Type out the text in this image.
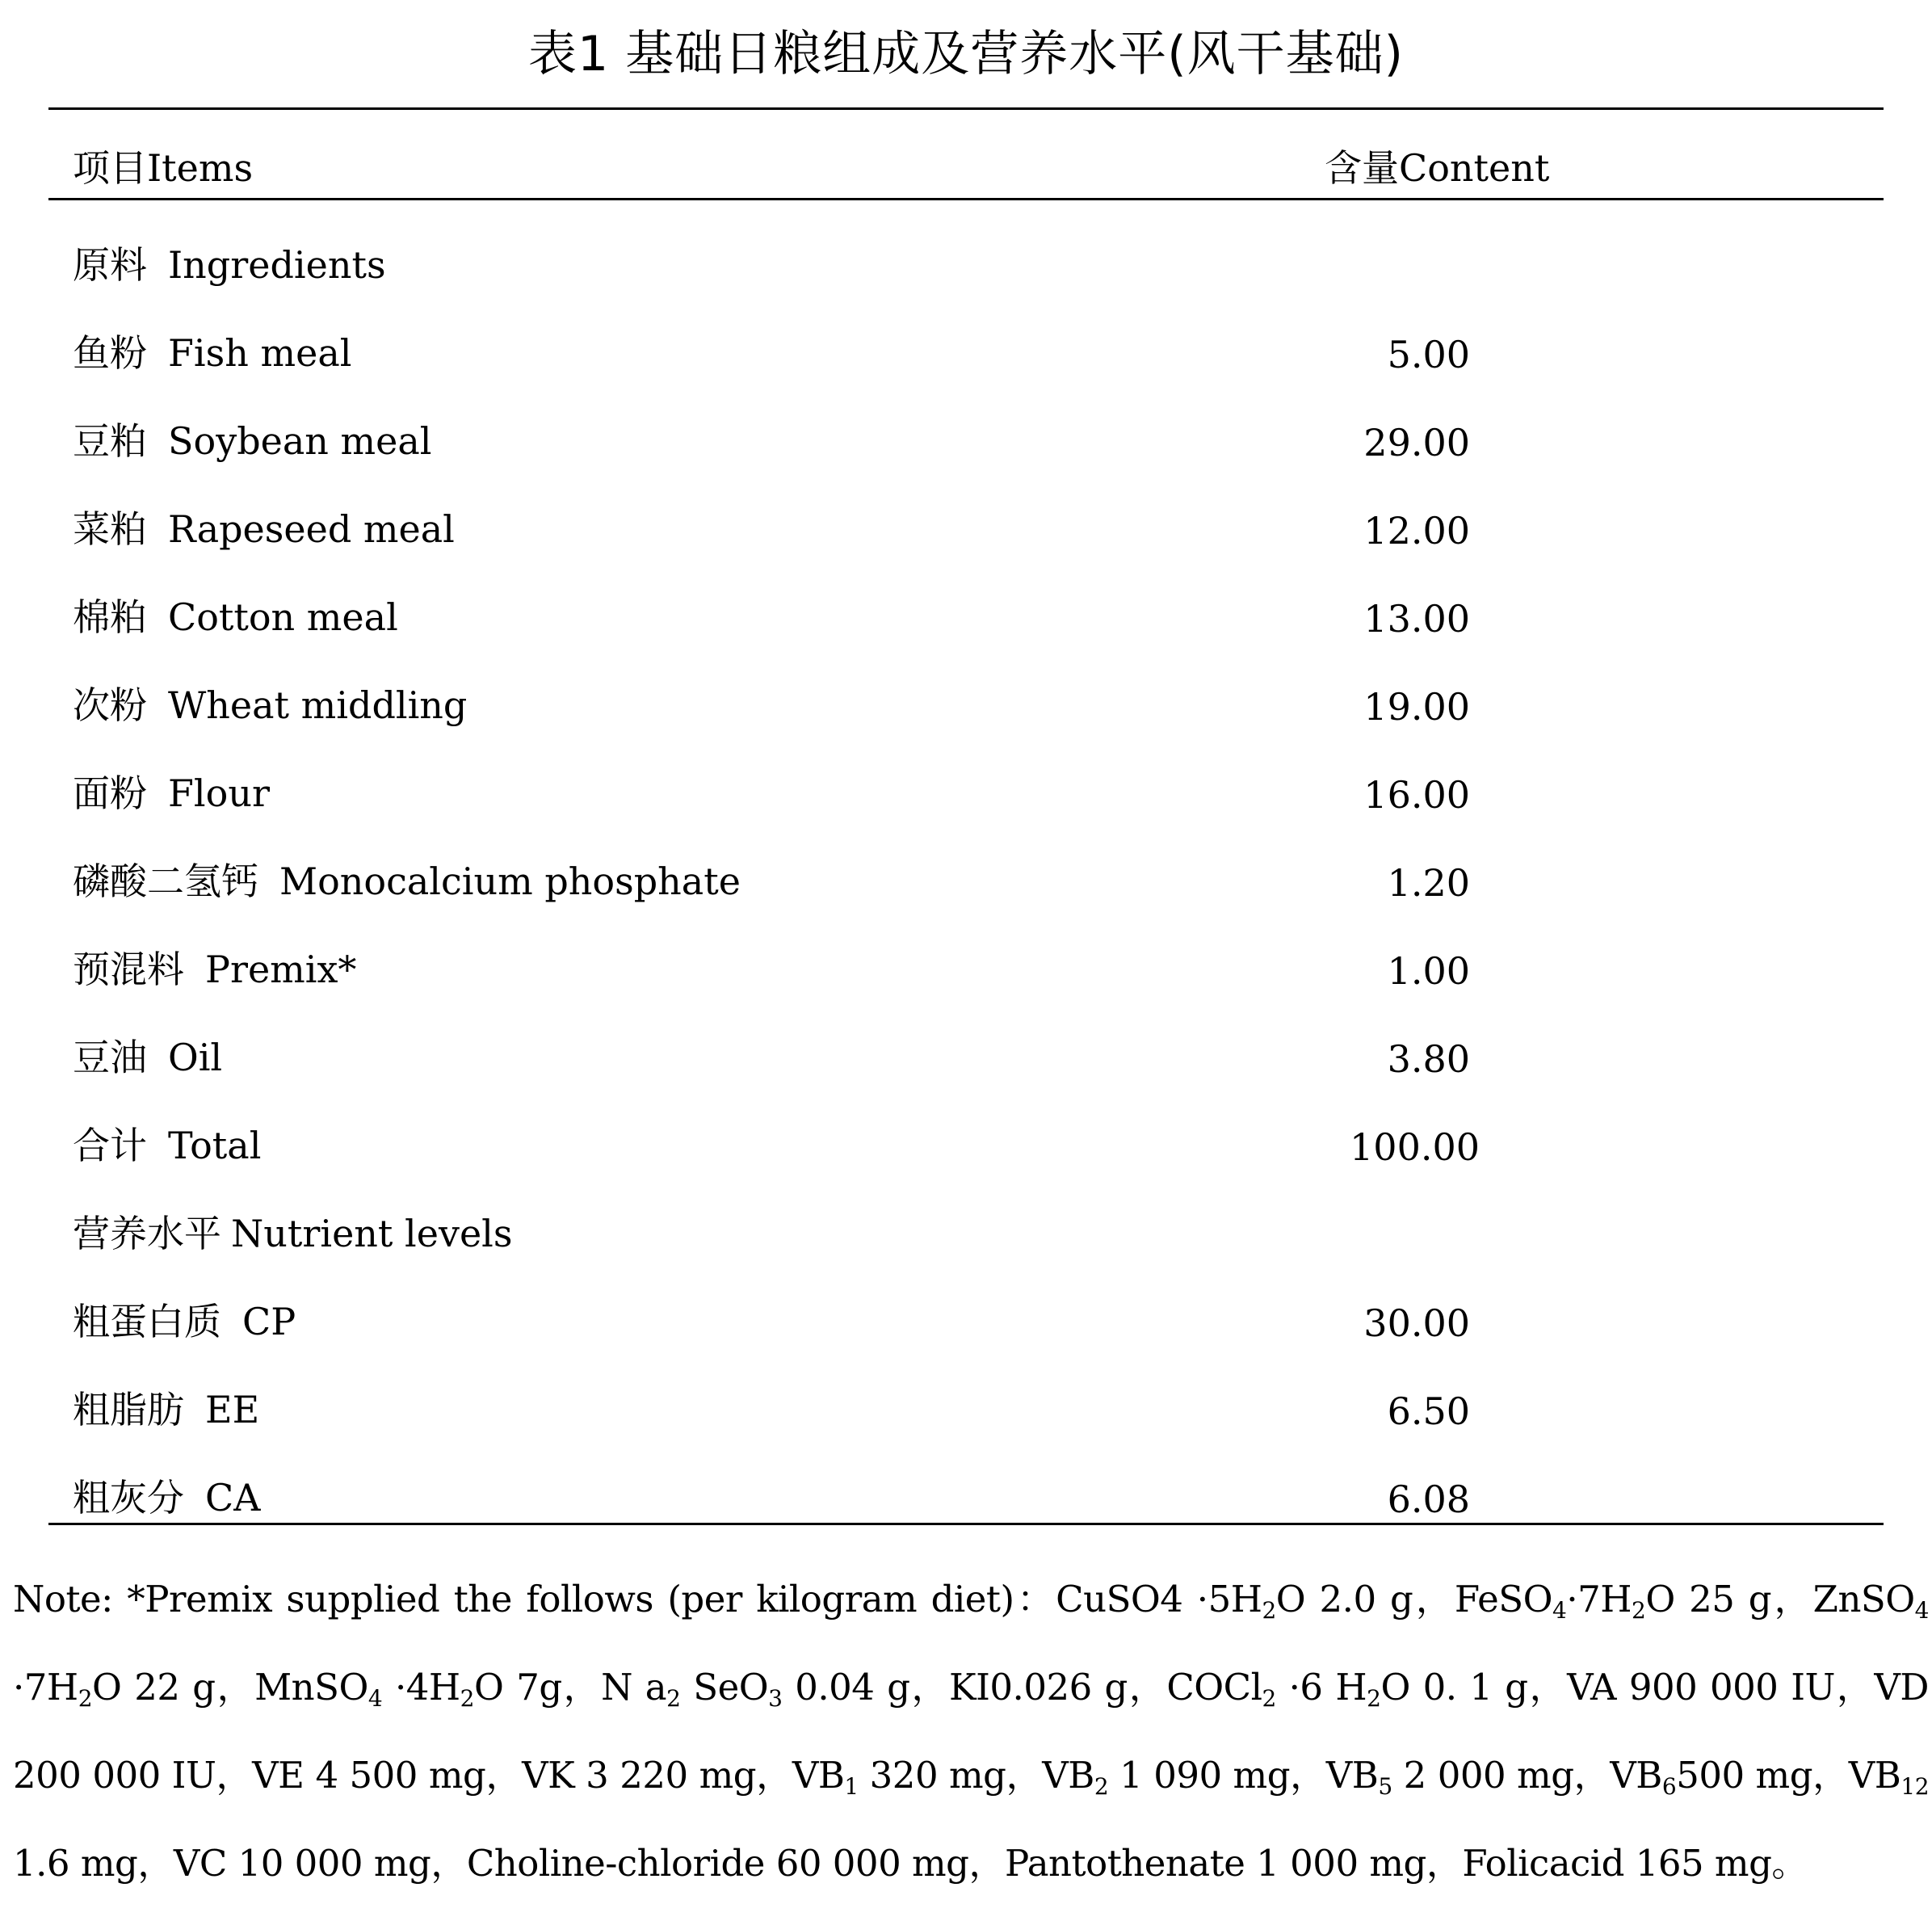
表1 基础日粮组成及营养水平(风干基础)
项目Items	含量Content
原料 Ingredients
鱼粉 Fish meal	5.00
豆粕 Soybean meal	29.00
菜粕 Rapeseed meal	12.00
棉粕 Cotton meal	13.00
次粉 Wheat middling	19.00
面粉 Flour	16.00
磷酸二氢钙 Monocalcium phosphate	1.20
预混料 Premix*	1.00
豆油 Oil	3.80
合计 Total	100.00
营养水平 Nutrient levels
粗蛋白质 CP	30.00
粗脂肪 EE	6.50
粗灰分 CA	6.08
Note: *Premix supplied the follows (per kilogram diet)：CuSO4 $\cdot 5H_2O$ 2.0 g，$FeSO_4\cdot 7H_2O$ 25 g，ZnSO$_4$ $\cdot 7H_2O$ 22 g，MnSO$_4$ $\cdot 4H_2O$ 7g，N $a_2$ SeO$_3$ 0.04 g，KI0.026 g，COCl$_2$ ·6 $H_2O$ 0. 1 g，VA 900 000 IU，VD 200 000 IU，VE 4 500 mg，VK 3 220 mg，$VB_1$ 320 mg，$VB_2$ 1 090 mg，$VB_5$ 2 000 mg，$VB_6500$ mg，$VB_{12}$ 1.6 mg，VC 10 000 mg，Choline-chloride 60 000 mg，Pantothenate 1 000 mg，Folicacid 165 mg。
